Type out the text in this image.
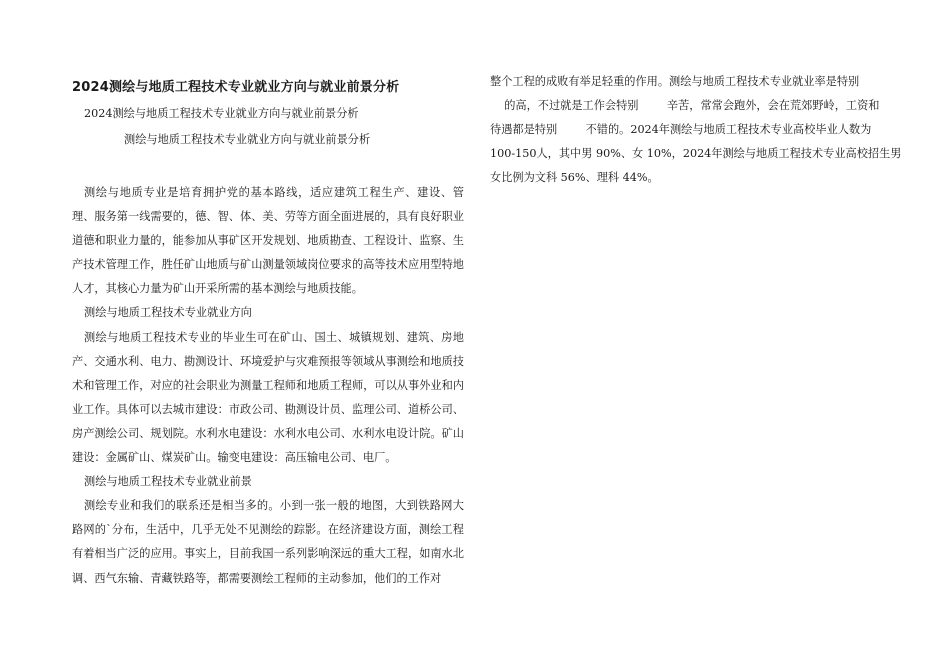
2024测绘与地质工程技术专业就业方向与就业前景分析
2024测绘与地质工程技术专业就业方向与就业前景分析
测绘与地质工程技术专业就业方向与就业前景分析
测绘与地质专业是培育拥护党的基本路线，适应建筑工程生产、建设、管理、服务第一线需要的，德、智、体、美、劳等方面全面进展的，具有良好职业道德和职业力量的，能参加从事矿区开发规划、地质勘查、工程设计、监察、生产技术管理工作，胜任矿山地质与矿山测量领域岗位要求的高等技术应用型特地人才，其核心力量为矿山开采所需的基本测绘与地质技能。
测绘与地质工程技术专业就业方向
测绘与地质工程技术专业的毕业生可在矿山、国土、城镇规划、建筑、房地产、交通水利、电力、勘测设计、环境爱护与灾难预报等领域从事测绘和地质技术和管理工作，对应的社会职业为测量工程师和地质工程师，可以从事外业和内业工作。具体可以去城市建设：市政公司、勘测设计员、监理公司、道桥公司、房产测绘公司、规划院。水利水电建设：水利水电公司、水利水电设计院。矿山建设：金属矿山、煤炭矿山。输变电建设：高压输电公司、电厂。
测绘与地质工程技术专业就业前景
测绘专业和我们的联系还是相当多的。小到一张一般的地图，大到铁路网大路网的`分布，生活中，几乎无处不见测绘的踪影。在经济建设方面，测绘工程有着相当广泛的应用。事实上，目前我国一系列影响深远的重大工程，如南水北调、西气东输、青藏铁路等，都需要测绘工程师的主动参加，他们的工作对
整个工程的成败有举足轻重的作用。测绘与地质工程技术专业就业率是特别
的高，不过就是工作会特别        辛苦，常常会跑外，会在荒郊野岭，工资和
待遇都是特别        不错的。2024年测绘与地质工程技术专业高校毕业人数为
100-150人，其中男 90%、女 10%，2024年测绘与地质工程技术专业高校招生男
女比例为文科 56%、理科 44%。
